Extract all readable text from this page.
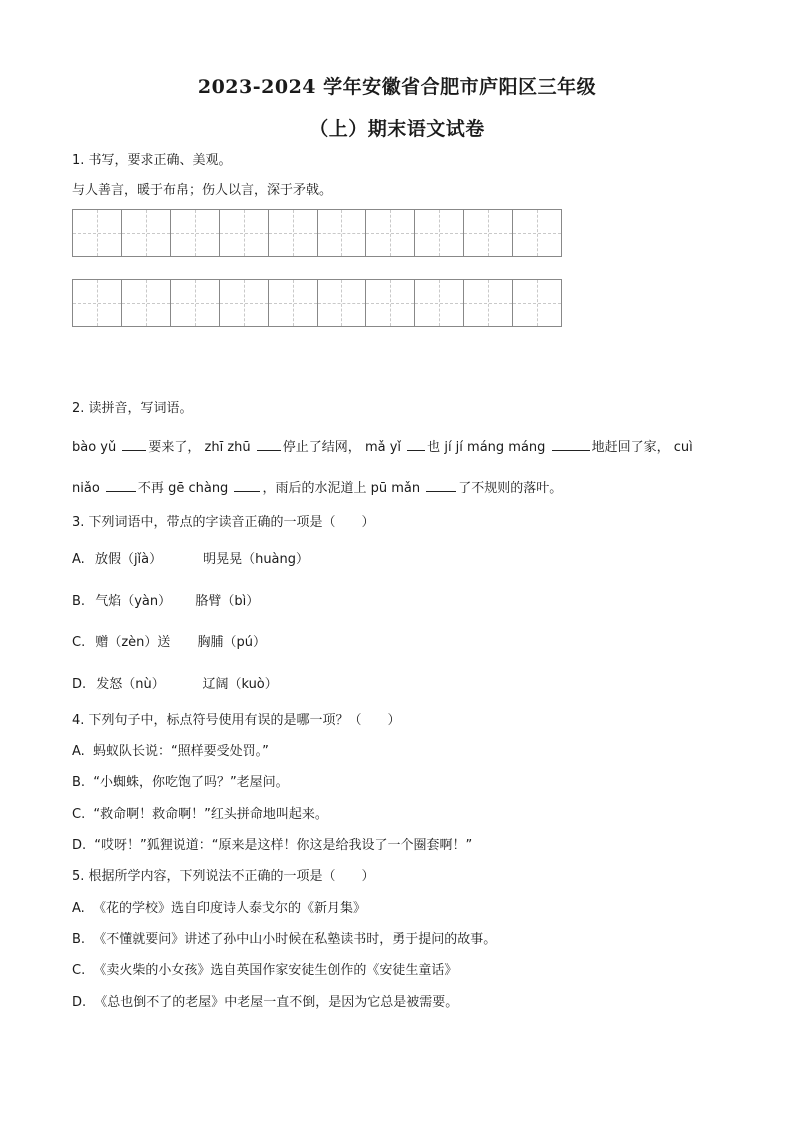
2023-2024 学年安徽省合肥市庐阳区三年级
（上）期末语文试卷
1. 书写，要求正确、美观。
与人善言，暖于布帛；伤人以言，深于矛戟。
2. 读拼音，写词语。
bào yǔ 要来了， zhī zhū 停止了结网， mǎ yǐ 也 jí jí máng máng	地赶回了家， cuì
niǎo	不再 gē chàng	，雨后的水泥道上 pū mǎn	了不规则的落叶。
3. 下列词语中，带点的字读音正确的一项是（　　）
A. 放假（jǐà）	明晃晃（huàng）
B. 气焰（yàn） 胳臂（bì）
C. 赠（zèn）送 胸脯（pú）
D. 发怒（nù）	辽阔（kuò）
4. 下列句子中，标点符号使用有误的是哪一项？（　　）
A. 蚂蚁队长说：“照样要受处罚。”
B. “小蜘蛛，你吃饱了吗？”老屋问。
C. “救命啊！救命啊！”红头拼命地叫起来。
D. “哎呀！”狐狸说道：“原来是这样！你这是给我设了一个圈套啊！”
5. 根据所学内容，下列说法不正确的一项是（　　）
A. 《花的学校》选自印度诗人泰戈尔的《新月集》
B. 《不懂就要问》讲述了孙中山小时候在私塾读书时，勇于提问的故事。
C. 《卖火柴的小女孩》选自英国作家安徒生创作的《安徒生童话》
D. 《总也倒不了的老屋》中老屋一直不倒，是因为它总是被需要。
